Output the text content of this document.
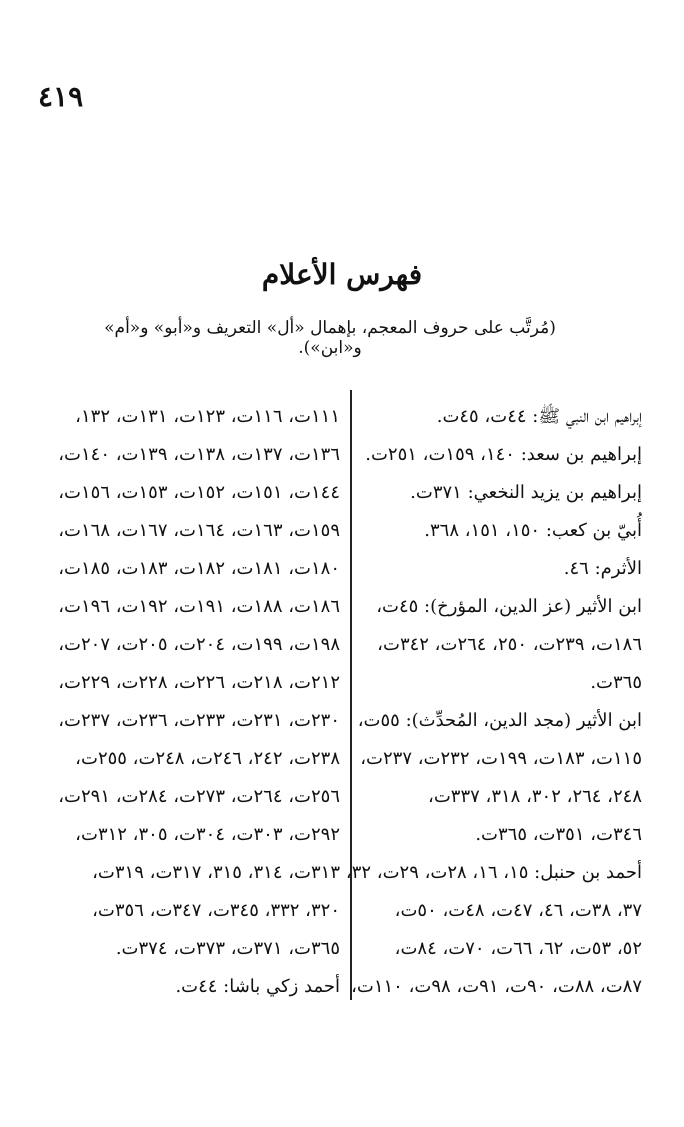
٤١٩
فهرس الأعلام
(مُرتَّب على حروف المعجم، بإهمال «أل» التعريف و«أبو» و«أم» و«ابن»).
إبراهيم ابن النبي ﷺ: ٤٤ت، ٤٥ت.
إبراهيم بن سعد: ١٤٠، ١٥٩ت، ٢٥١ت.
إبراهيم بن يزيد النخعي: ٣٧١ت.
أُبيّ بن كعب: ١٥٠، ١٥١، ٣٦٨.
الأثرم: ٤٦.
ابن الأثير (عز الدين، المؤرخ): ٤٥ت،
١٨٦ت، ٢٣٩ت، ٢٥٠، ٢٦٤ت، ٣٤٢ت،
٣٦٥ت.
ابن الأثير (مجد الدين، المُحدِّث): ٥٥ت،
١١٥ت، ١٨٣ت، ١٩٩ت، ٢٣٢ت، ٢٣٧ت،
٢٤٨، ٢٦٤، ٣٠٢، ٣١٨، ٣٣٧ت،
٣٤٦ت، ٣٥١ت، ٣٦٥ت.
أحمد بن حنبل: ١٥، ١٦، ٢٨ت، ٢٩ت، ٣٢،
٣٧، ٣٨ت، ٤٦، ٤٧ت، ٤٨ت، ٥٠ت،
٥٢، ٥٣ت، ٦٢، ٦٦ت، ٧٠ت، ٨٤ت،
٨٧ت، ٨٨ت، ٩٠ت، ٩١ت، ٩٨ت، ١١٠ت،
١١١ت، ١١٦ت، ١٢٣ت، ١٣١ت، ١٣٢،
١٣٦ت، ١٣٧ت، ١٣٨ت، ١٣٩ت، ١٤٠ت،
١٤٤ت، ١٥١ت، ١٥٢ت، ١٥٣ت، ١٥٦ت،
١٥٩ت، ١٦٣ت، ١٦٤ت، ١٦٧ت، ١٦٨ت،
١٨٠ت، ١٨١ت، ١٨٢ت، ١٨٣ت، ١٨٥ت،
١٨٦ت، ١٨٨ت، ١٩١ت، ١٩٢ت، ١٩٦ت،
١٩٨ت، ١٩٩ت، ٢٠٤ت، ٢٠٥ت، ٢٠٧ت،
٢١٢ت، ٢١٨ت، ٢٢٦ت، ٢٢٨ت، ٢٢٩ت،
٢٣٠ت، ٢٣١ت، ٢٣٣ت، ٢٣٦ت، ٢٣٧ت،
٢٣٨ت، ٢٤٢، ٢٤٦ت، ٢٤٨ت، ٢٥٥ت،
٢٥٦ت، ٢٦٤ت، ٢٧٣ت، ٢٨٤ت، ٢٩١ت،
٢٩٢ت، ٣٠٣ت، ٣٠٤ت، ٣٠٥، ٣١٢ت،
٣١٣ت، ٣١٤، ٣١٥، ٣١٧ت، ٣١٩ت،
٣٢٠، ٣٣٢، ٣٤٥ت، ٣٤٧ت، ٣٥٦ت،
٣٦٥ت، ٣٧١ت، ٣٧٣ت، ٣٧٤ت.
أحمد زكي باشا: ٤٤ت.
